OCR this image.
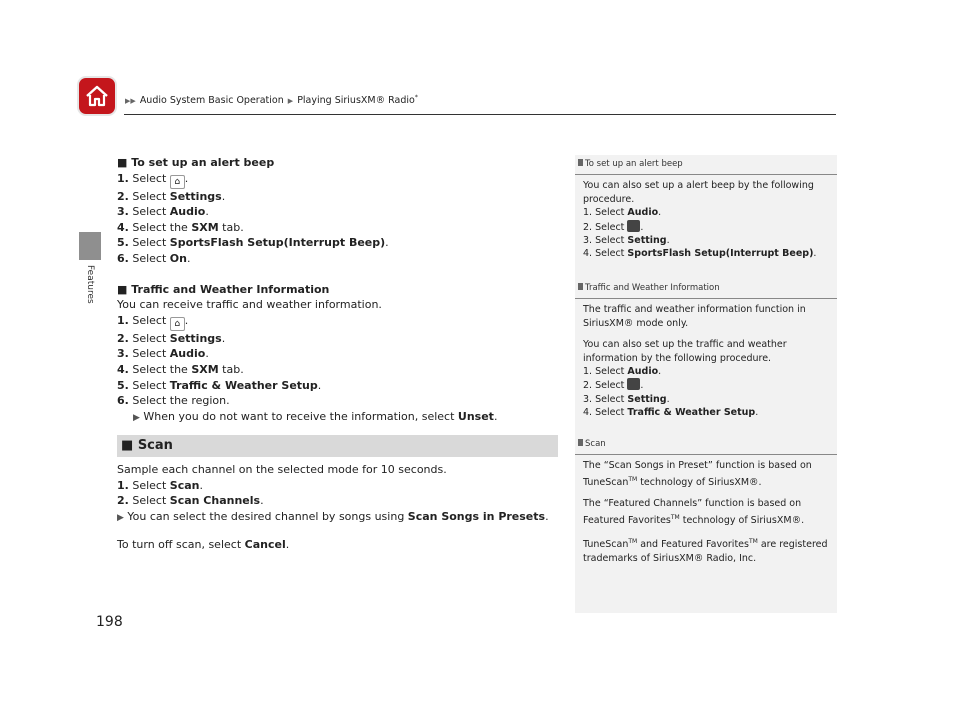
▶▶ Audio System Basic Operation ▶ Playing SiriusXM® Radio*
Features
198

■ To set up an alert beep

1. Select ⌂ .

2. Select Settings.

3. Select Audio.

4. Select the SXM tab.

5. Select SportsFlash Setup(Interrupt Beep).

6. Select On.

■ Traffic and Weather Information

You can receive traffic and weather information.

1. Select ⌂ .

2. Select Settings.

3. Select Audio.

4. Select the SXM tab.

5. Select Traffic & Weather Setup.

6. Select the region.

▶ When you do not want to receive the information, select Unset.

■ Scan

Sample each channel on the selected mode for 10 seconds.

1. Select Scan.

2. Select Scan Channels.

▶ You can select the desired channel by songs using Scan Songs in Presets.

To turn off scan, select Cancel.

To set up an alert beep

You can also set up a alert beep by the following

procedure.

1. Select Audio.

2. Select .

3. Select Setting.

4. Select SportsFlash Setup(Interrupt Beep).

Traffic and Weather Information

The traffic and weather information function in

SiriusXM® mode only.

You can also set up the traffic and weather

information by the following procedure.

1. Select Audio.

2. Select .

3. Select Setting.

4. Select Traffic & Weather Setup.

Scan

The “Scan Songs in Preset” function is based on

TuneScan™ technology of SiriusXM®.

The “Featured Channels” function is based on

Featured Favorites™ technology of SiriusXM®.

TuneScan™ and Featured Favorites™ are registered

trademarks of SiriusXM® Radio, Inc.
